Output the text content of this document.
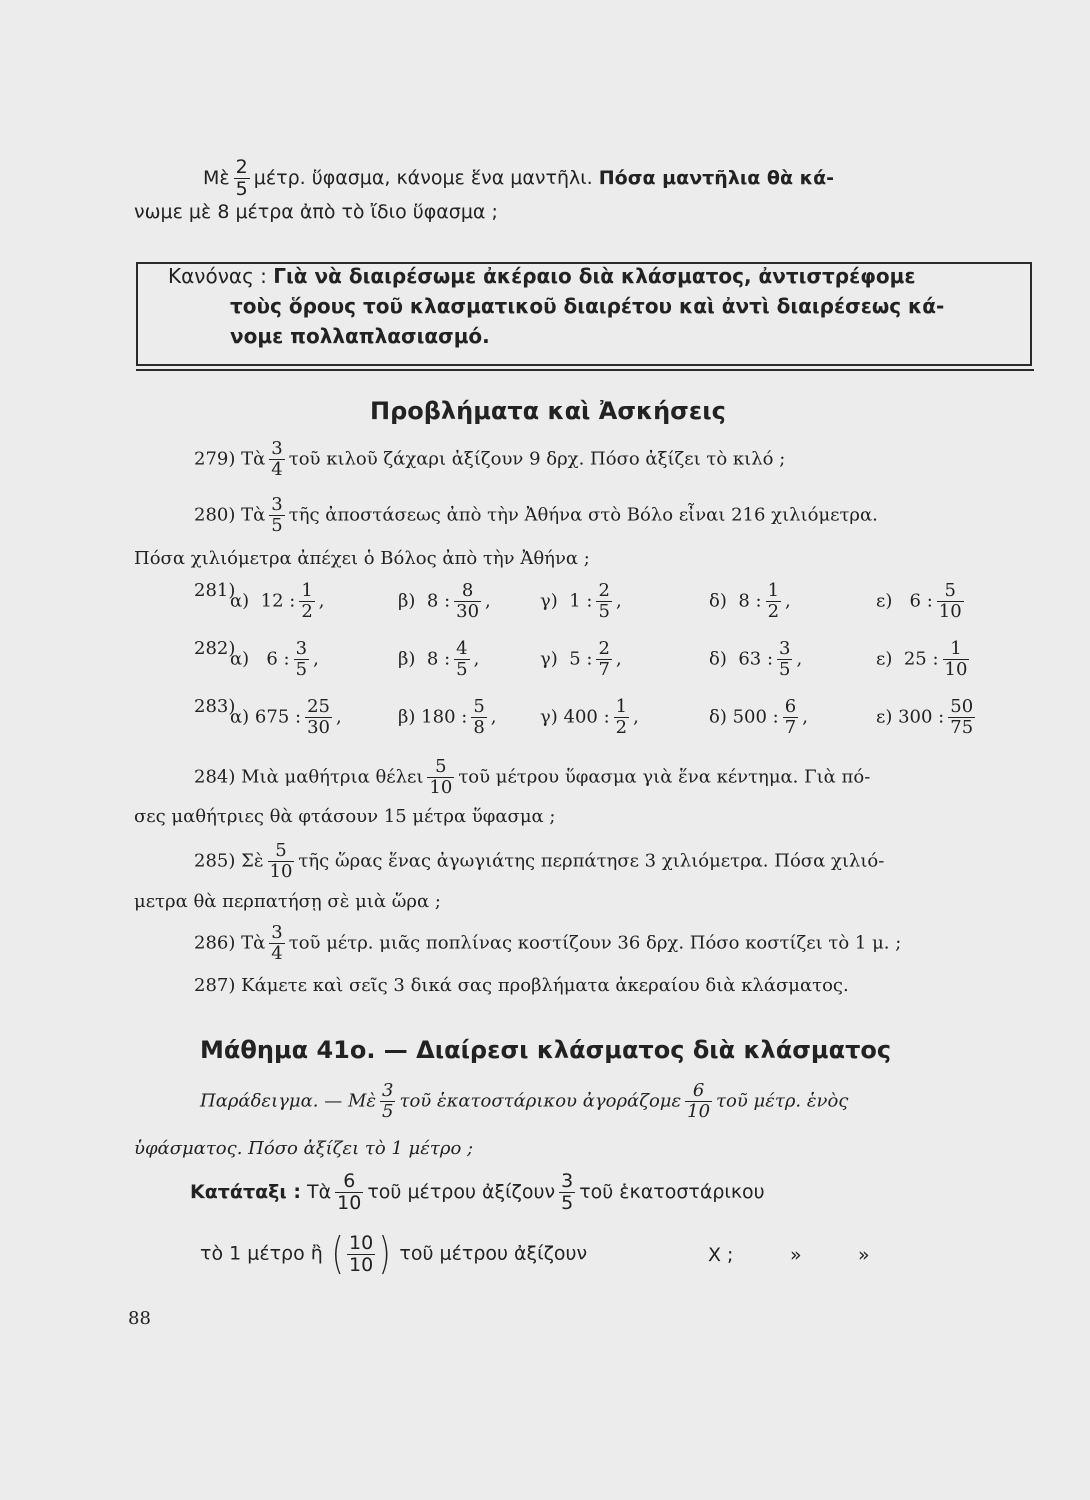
Μὲ $\frac{2}{5} \mu έ\tau\rho$. ὕφασμα, κάνομε ἕνα μαντῆλι. Πόσα μαντῆλια θὰ κά-
νωμε μὲ 8 μέτρα ἀπὸ τὸ ἴδιο ὕφασμα ;
Κανόνας : Γιὰ νὰ διαιρέσωμε ἀκέραιο διὰ κλάσματος, ἀντιστρέφομε
τοὺς ὅρους τοῦ κλασματικοῦ διαιρέτου καὶ ἀντὶ διαιρέσεως κά-
νομε πολλαπλασιασμό.
Προβλήματα καὶ Ἀσκήσεις
279) Τὰ $\frac{3}{4}$ τοῦ κιλοῦ ζάχαρι ἀξίζουν 9 δρχ. Πόσο ἀξίζει τὸ κιλό ;
280) Τὰ $\frac{3}{5}$ τῆς ἀποστάσεως ἀπὸ τὴν Ἀθήνα στὸ Βόλο εἶναι 216 χιλιόμετρα.
Πόσα χιλιόμετρα ἀπέχει ὁ Βόλος ἀπὸ τὴν Ἀθήνα ;
281)
α) 12 : $\frac{1}{2}$ ,	β) 8 : $\frac{8}{30}$ ,	γ) 1 : $\frac{2}{5}$ ,	δ) 8 : $\frac{1}{2}$ ,	ε) 6 : $\frac{5}{10}$
282)
α) 6 : $\frac{3}{5}$ ,	β) 8 : $\frac{4}{5}$ ,	γ) 5 : $\frac{2}{7}$ ,	δ) 63 : $\frac{3}{5}$ ,	ε) 25 : $\frac{1}{10}$
283)
α) 675 : $\frac{25}{30}$ ,	β) 180 : $\frac{5}{8}$ , γ) 400 : $\frac{1}{2}$ ,	δ) 500 : $\frac{6}{7}$ ,	ε) 300 : $\frac{50}{75}$
284) Μιὰ μαθήτρια θέλει $\frac{5}{10}$ τοῦ μέτρου ὕφασμα γιὰ ἕνα κέντημα. Γιὰ πό-
σες μαθήτριες θὰ φτάσουν 15 μέτρα ὕφασμα ;
285) Σὲ $\frac{5}{10}$ τῆς ὥρας ἕνας ἀγωγιάτης περπάτησε 3 χιλιόμετρα. Πόσα χιλιό-
μετρα θὰ περπατήσῃ σὲ μιὰ ὥρα ;
286) Τὰ $\frac{3}{4}$ τοῦ μέτρ. μιᾶς ποπλίνας κοστίζουν 36 δρχ. Πόσο κοστίζει τὸ 1 μ. ;
287) Κάμετε καὶ σεῖς 3 δικά σας προβλήματα ἀκεραίου διὰ κλάσματος.
Μάθημα 41ο. — Διαίρεσι κλάσματος διὰ κλάσματος
Παράδειγμα. — Μὲ $\frac{3}{5}$ τοῦ ἑκατοστάρικου ἀγοράζομε $\frac{6}{10}$ τοῦ μέτρ. ἑνὸς
ὑφάσματος. Πόσο ἀξίζει τὸ 1 μέτρο ;
Κατάταξι : Τὰ $\frac{6}{10}$ τοῦ μέτρου ἀξίζουν $\frac{3}{5}$ τοῦ ἑκατοστάρικου
τὸ 1 μέτρο ἢ ( $\frac{10}{10}$ ) τοῦ μέτρου ἀξίζουν	Χ ;	»	»
88
